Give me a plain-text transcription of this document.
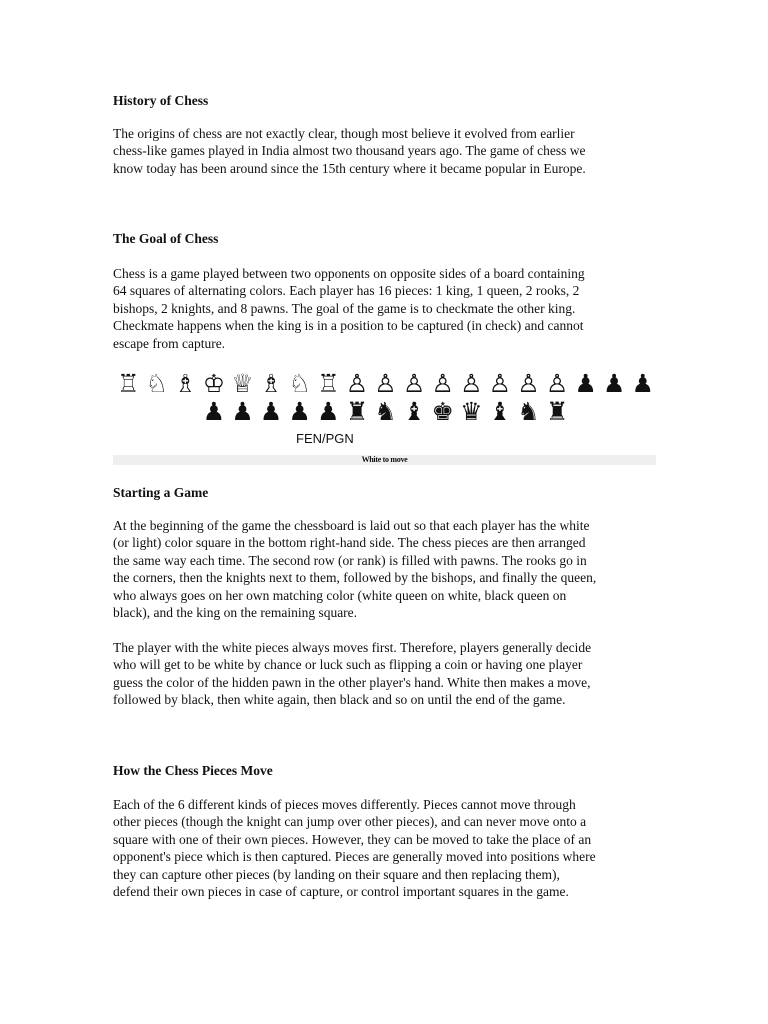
History of Chess
The origins of chess are not exactly clear, though most believe it evolved from earlier
chess-like games played in India almost two thousand years ago. The game of chess we
know today has been around since the 15th century where it became popular in Europe.
The Goal of Chess
Chess is a game played between two opponents on opposite sides of a board containing
64 squares of alternating colors. Each player has 16 pieces: 1 king, 1 queen, 2 rooks, 2
bishops, 2 knights, and 8 pawns. The goal of the game is to checkmate the other king.
Checkmate happens when the king is in a position to be captured (in check) and cannot
escape from capture.
♖ ♘ ♗ ♔ ♕ ♗ ♘ ♖ ♙ ♙ ♙ ♙ ♙ ♙ ♙ ♙ ♟ ♟ ♟
♟ ♟ ♟ ♟ ♟ ♜ ♞ ♝ ♚ ♛ ♝ ♞ ♜
FEN/PGN
White to move
Starting a Game
At the beginning of the game the chessboard is laid out so that each player has the white
(or light) color square in the bottom right-hand side. The chess pieces are then arranged
the same way each time. The second row (or rank) is filled with pawns. The rooks go in
the corners, then the knights next to them, followed by the bishops, and finally the queen,
who always goes on her own matching color (white queen on white, black queen on
black), and the king on the remaining square.
The player with the white pieces always moves first. Therefore, players generally decide
who will get to be white by chance or luck such as flipping a coin or having one player
guess the color of the hidden pawn in the other player's hand. White then makes a move,
followed by black, then white again, then black and so on until the end of the game.
How the Chess Pieces Move
Each of the 6 different kinds of pieces moves differently. Pieces cannot move through
other pieces (though the knight can jump over other pieces), and can never move onto a
square with one of their own pieces. However, they can be moved to take the place of an
opponent's piece which is then captured. Pieces are generally moved into positions where
they can capture other pieces (by landing on their square and then replacing them),
defend their own pieces in case of capture, or control important squares in the game.
